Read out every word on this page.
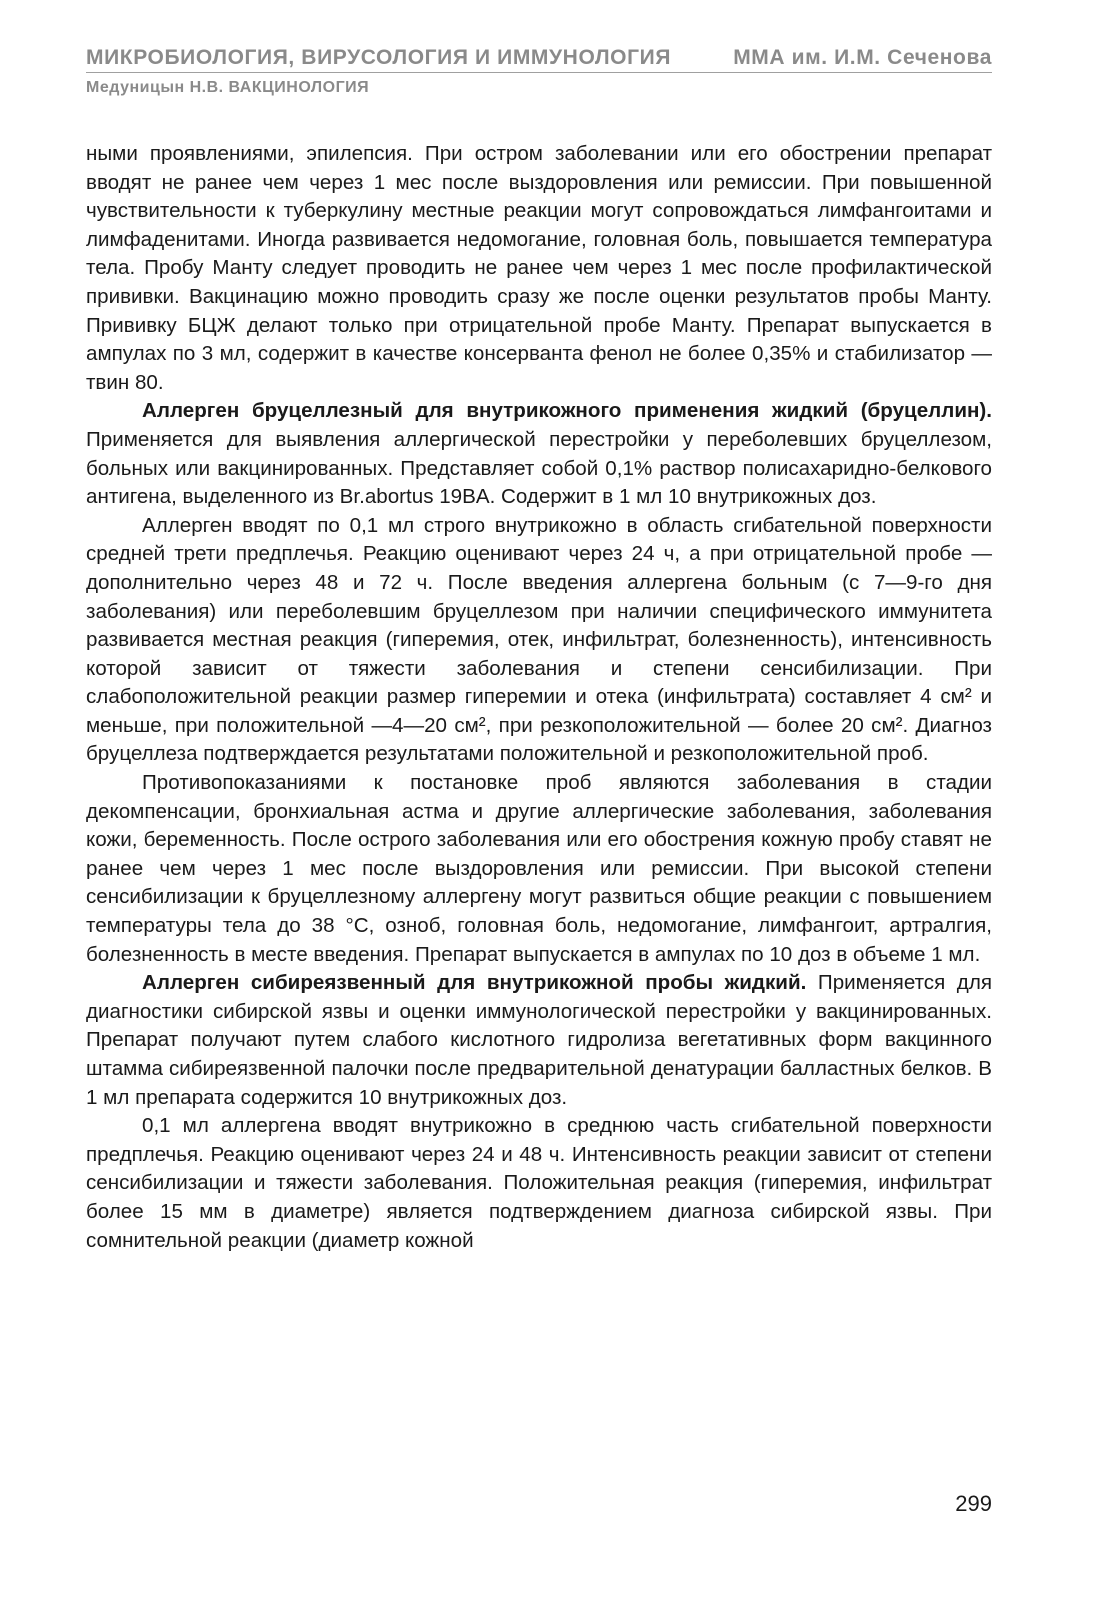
МИКРОБИОЛОГИЯ, ВИРУСОЛОГИЯ И ИММУНОЛОГИЯ	ММА им. И.М. Сеченова
Медуницын Н.В. ВАКЦИНОЛОГИЯ

ными проявлениями, эпилепсия. При остром заболевании или его обострении препарат вводят не ранее чем через 1 мес после выздоровления или ремиссии. При повышенной чувствительности к туберкулину местные реакции могут сопровождаться лимфангоитами и лимфаденитами. Иногда развивается недомогание, головная боль, повышается температура тела. Пробу Манту следует проводить не ранее чем через 1 мес после профилактической прививки. Вакцинацию можно проводить сразу же после оценки результатов пробы Манту. Прививку БЦЖ делают только при отрицательной пробе Манту. Препарат выпускается в ампулах по 3 мл, содержит в качестве консерванта фенол не более 0,35% и стабилизатор — твин 80.

Аллерген бруцеллезный для внутрикожного применения жидкий (бруцеллин). Применяется для выявления аллергической перестройки у переболевших бруцеллезом, больных или вакцинированных. Представляет собой 0,1% раствор полисахаридно-белкового антигена, выделенного из Br.abortus 19BA. Содержит в 1 мл 10 внутрикожных доз.

Аллерген вводят по 0,1 мл строго внутрикожно в область сгибательной поверхности средней трети предплечья. Реакцию оценивают через 24 ч, а при отрицательной пробе — дополнительно через 48 и 72 ч. После введения аллергена больным (с 7—9-го дня заболевания) или переболевшим бруцеллезом при наличии специфического иммунитета развивается местная реакция (гиперемия, отек, инфильтрат, болезненность), интенсивность которой зависит от тяжести заболевания и степени сенсибилизации. При слабоположительной реакции размер гиперемии и отека (инфильтрата) составляет 4 см² и меньше, при положительной —4—20 см², при резкоположительной — более 20 см². Диагноз бруцеллеза подтверждается результатами положительной и резкоположительной проб.

Противопоказаниями к постановке проб являются заболевания в стадии декомпенсации, бронхиальная астма и другие аллергические заболевания, заболевания кожи, беременность. После острого заболевания или его обострения кожную пробу ставят не ранее чем через 1 мес после выздоровления или ремиссии. При высокой степени сенсибилизации к бруцеллезному аллергену могут развиться общие реакции с повышением температуры тела до 38 °С, озноб, головная боль, недомогание, лимфангоит, артралгия, болезненность в месте введения. Препарат выпускается в ампулах по 10 доз в объеме 1 мл.

Аллерген сибиреязвенный для внутрикожной пробы жидкий. Применяется для диагностики сибирской язвы и оценки иммунологической перестройки у вакцинированных. Препарат получают путем слабого кислотного гидролиза вегетативных форм вакцинного штамма сибиреязвенной палочки после предварительной денатурации балластных белков. В 1 мл препарата содержится 10 внутрикожных доз.

0,1 мл аллергена вводят внутрикожно в среднюю часть сгибательной поверхности предплечья. Реакцию оценивают через 24 и 48 ч. Интенсивность реакции зависит от степени сенсибилизации и тяжести заболевания. Положительная реакция (гиперемия, инфильтрат более 15 мм в диаметре) является подтверждением диагноза сибирской язвы. При сомнительной реакции (диаметр кожной

299
